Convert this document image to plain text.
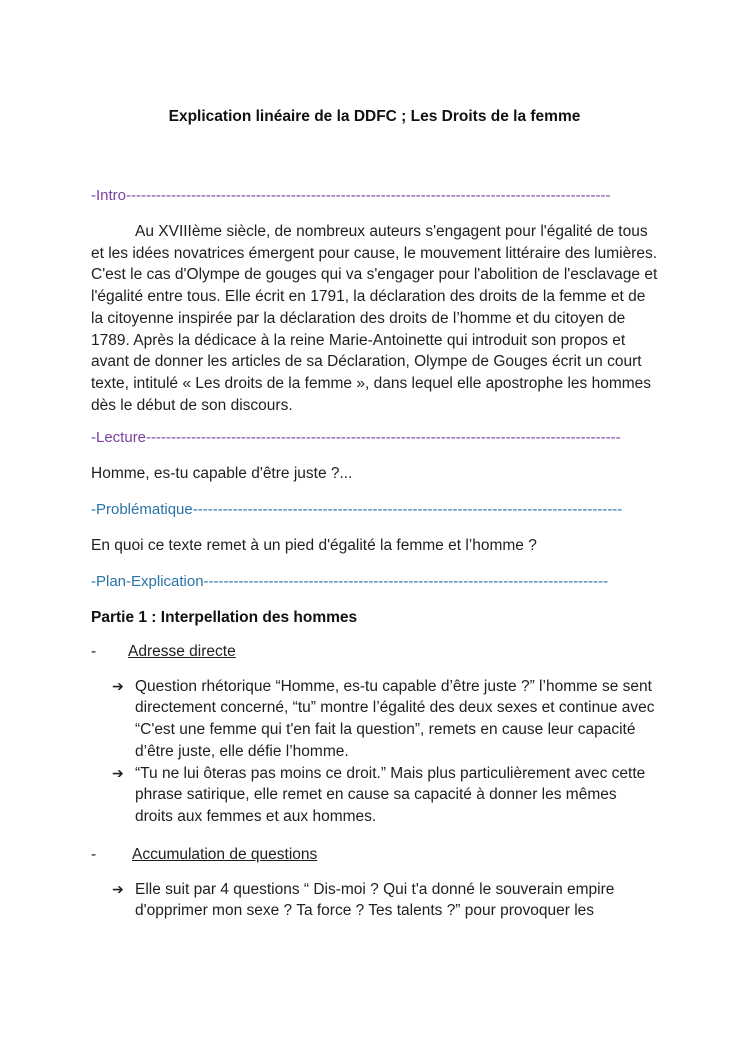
Explication linéaire de la DDFC ; Les Droits de la femme
-Intro-------------------------------------------------------------------------------------------------

Au XVIIIème siècle, de nombreux auteurs s'engagent pour l'égalité de tous et les idées novatrices émergent pour cause, le mouvement littéraire des lumières. C'est le cas d'Olympe de gouges qui va s'engager pour l'abolition de l'esclavage et l'égalité entre tous. Elle écrit en 1791, la déclaration des droits de la femme et de la citoyenne inspirée par la déclaration des droits de l’homme et du citoyen de 1789. Après la dédicace à la reine Marie-Antoinette qui introduit son propos et avant de donner les articles de sa Déclaration, Olympe de Gouges écrit un court texte, intitulé « Les droits de la femme », dans lequel elle apostrophe les hommes dès le début de son discours.

-Lecture-----------------------------------------------------------------------------------------------

Homme, es-tu capable d'être juste ?...

-Problématique--------------------------------------------------------------------------------------

En quoi ce texte remet à un pied d'égalité la femme et l’homme ?

-Plan-Explication---------------------------------------------------------------------------------

Partie 1 : Interpellation des hommes

-	Adresse directe
➔ Question rhétorique “Homme, es-tu capable d’être juste ?” l’homme se sent directement concerné, “tu” montre l’égalité des deux sexes et continue avec “C'est une femme qui t'en fait la question”, remets en cause leur capacité d’être juste, elle défie l’homme.
➔ “Tu ne lui ôteras pas moins ce droit.” Mais plus particulièrement avec cette phrase satirique, elle remet en cause sa capacité à donner les mêmes droits aux femmes et aux hommes.
-	Accumulation de questions
➔ Elle suit par 4 questions “ Dis-moi ? Qui t'a donné le souverain empire d'opprimer mon sexe ? Ta force ? Tes talents ?” pour provoquer les
